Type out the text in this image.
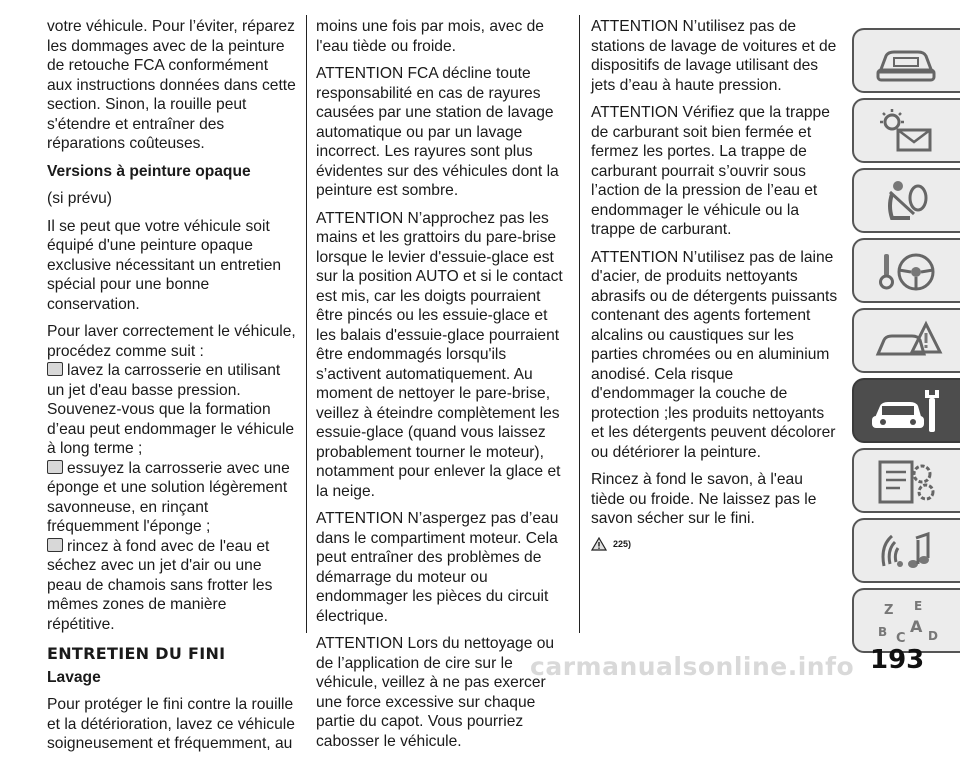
votre véhicule. Pour l’éviter, réparez les dommages avec de la peinture de retouche FCA conformément aux instructions données dans cette section. Sinon, la rouille peut s'étendre et entraîner des réparations coûteuses.

Versions à peinture opaque

(si prévu)

Il se peut que votre véhicule soit équipé d'une peinture opaque exclusive nécessitant un entretien spécial pour une bonne conservation.

Pour laver correctement le véhicule, procédez comme suit :

lavez la carrosserie en utilisant un jet d'eau basse pression. Souvenez-vous que la formation d’eau peut endommager le véhicule à long terme ;
essuyez la carrosserie avec une éponge et une solution légèrement savonneuse, en rinçant fréquemment l'éponge ;
rincez à fond avec de l'eau et séchez avec un jet d'air ou une peau de chamois sans frotter les mêmes zones de manière répétitive.
ENTRETIEN DU FINI

Lavage

Pour protéger le fini contre la rouille et la détérioration, lavez ce véhicule soigneusement et fréquemment, au

moins une fois par mois, avec de l'eau tiède ou froide.

ATTENTION FCA décline toute responsabilité en cas de rayures causées par une station de lavage automatique ou par un lavage incorrect. Les rayures sont plus évidentes sur des véhicules dont la peinture est sombre.

ATTENTION N’approchez pas les mains et les grattoirs du pare-brise lorsque le levier d'essuie-glace est sur la position AUTO et si le contact est mis, car les doigts pourraient être pincés ou les essuie-glace et les balais d'essuie-glace pourraient être endommagés lorsqu'ils s’activent automatiquement. Au moment de nettoyer le pare-brise, veillez à éteindre complètement les essuie-glace (quand vous laissez probablement tourner le moteur), notamment pour enlever la glace et la neige.

ATTENTION N’aspergez pas d’eau dans le compartiment moteur. Cela peut entraîner des problèmes de démarrage du moteur ou endommager les pièces du circuit électrique.

ATTENTION Lors du nettoyage ou de l’application de cire sur le véhicule, veillez à ne pas exercer une force excessive sur chaque partie du capot. Vous pourriez cabosser le véhicule.

ATTENTION N’utilisez pas de stations de lavage de voitures et de dispositifs de lavage utilisant des jets d’eau à haute pression.

ATTENTION Vérifiez que la trappe de carburant soit bien fermée et fermez les portes. La trappe de carburant pourrait s’ouvrir sous l’action de la pression de l’eau et endommager le véhicule ou la trappe de carburant.

ATTENTION N’utilisez pas de laine d'acier, de produits nettoyants abrasifs ou de détergents puissants contenant des agents fortement alcalins ou caustiques sur les parties chromées ou en aluminium anodisé. Cela risque d'endommager la couche de protection ;les produits nettoyants et les détergents peuvent décolorer ou détériorer la peinture.

Rincez à fond le savon, à l'eau tiède ou froide. Ne laissez pas le savon sécher sur le fini.

225)
Z E
B C
A D
carmanualsonline.info 193
